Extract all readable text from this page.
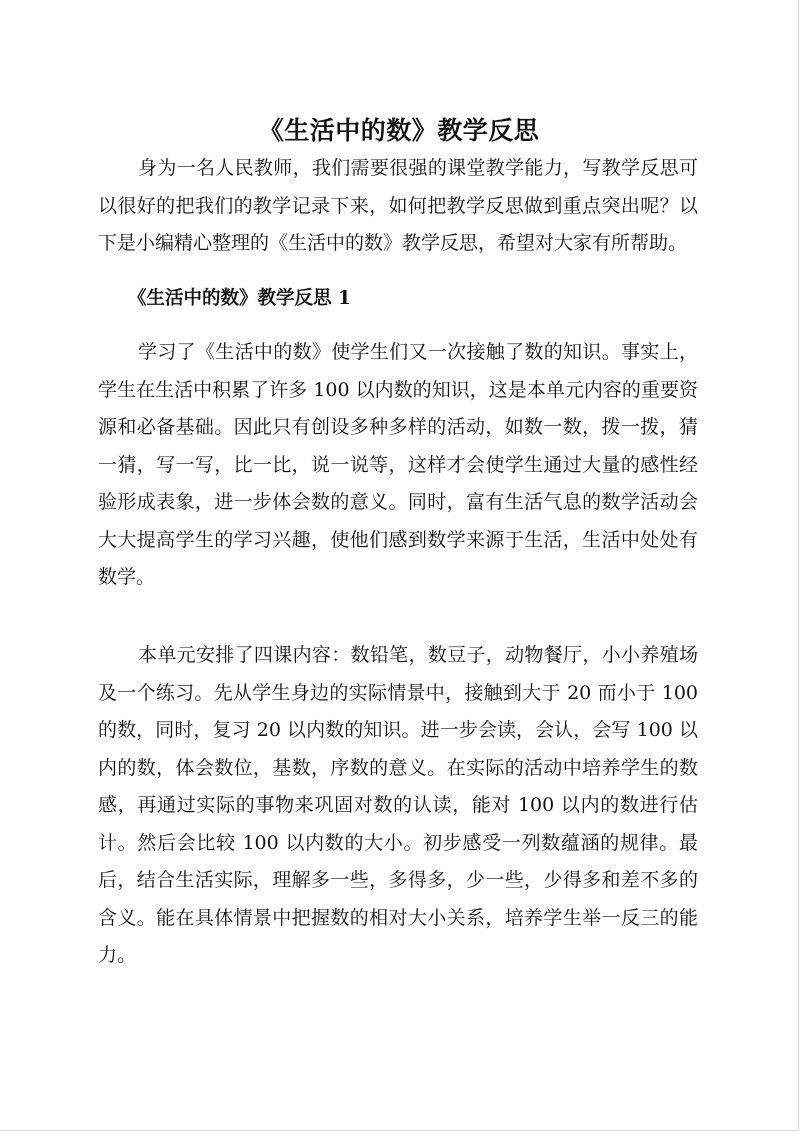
《生活中的数》教学反思

身为一名人民教师，我们需要很强的课堂教学能力，写教学反思可以很好的把我们的教学记录下来，如何把教学反思做到重点突出呢？以下是小编精心整理的《生活中的数》教学反思，希望对大家有所帮助。

《生活中的数》教学反思 1

学习了《生活中的数》使学生们又一次接触了数的知识。事实上，学生在生活中积累了许多 100 以内数的知识，这是本单元内容的重要资源和必备基础。因此只有创设多种多样的活动，如数一数，拨一拨，猜一猜，写一写，比一比，说一说等，这样才会使学生通过大量的感性经验形成表象，进一步体会数的意义。同时，富有生活气息的数学活动会大大提高学生的学习兴趣，使他们感到数学来源于生活，生活中处处有数学。

本单元安排了四课内容：数铅笔，数豆子，动物餐厅，小小养殖场及一个练习。先从学生身边的实际情景中，接触到大于 20 而小于 100 的数，同时，复习 20 以内数的知识。进一步会读，会认，会写 100 以内的数，体会数位，基数，序数的意义。在实际的活动中培养学生的数感，再通过实际的事物来巩固对数的认读，能对 100 以内的数进行估计。然后会比较 100 以内数的大小。初步感受一列数蕴涵的规律。最后，结合生活实际，理解多一些，多得多，少一些，少得多和差不多的含义。能在具体情景中把握数的相对大小关系，培养学生举一反三的能力。
